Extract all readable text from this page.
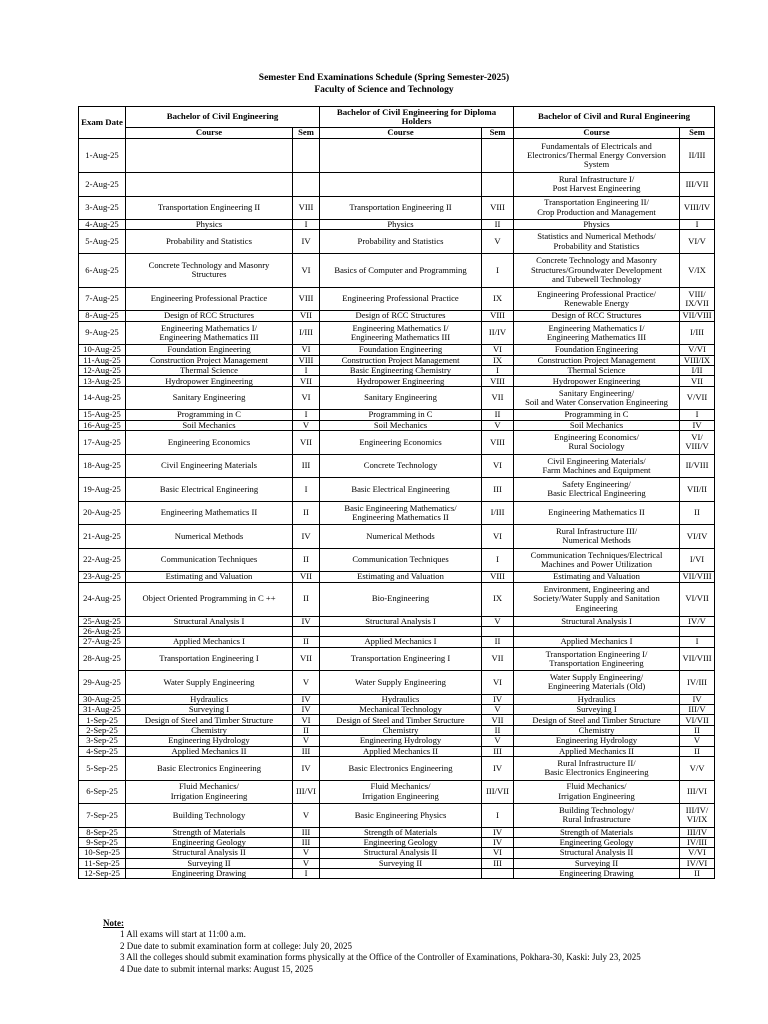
Semester End Examinations Schedule (Spring Semester-2025)
Faculty of Science and Technology
Exam Date	Bachelor of Civil Engineering		Bachelor of Civil Engineering for Diploma Holders		Bachelor of Civil and Rural Engineering	
	Course	Sem	Course	Sem	Course	Sem
1-Aug-25					Fundamentals of Electricals and
Electronics/Thermal Energy Conversion
System	II/III
2-Aug-25					Rural Infrastructure I/
Post Harvest Engineering	III/VII
3-Aug-25	Transportation Engineering II	VIII	Transportation Engineering II	VIII	Transportation Engineering II/
Crop Production and Management	VIII/IV
4-Aug-25	Physics	I	Physics	II	Physics	I
5-Aug-25	Probability and Statistics	IV	Probability and Statistics	V	Statistics and Numerical Methods/
Probability and Statistics	VI/V
6-Aug-25	Concrete Technology and Masonry
Structures	VI	Basics of Computer and Programming	I	Concrete Technology and Masonry
Structures/Groundwater Development
and Tubewell Technology	V/IX
7-Aug-25	Engineering Professional Practice	VIII	Engineering Professional Practice	IX	Engineering Professional Practice/
Renewable Energy	VIII/
IX/VII
8-Aug-25	Design of RCC Structures	VII	Design of RCC Structures	VIII	Design of RCC Structures	VII/VIII
9-Aug-25	Engineering Mathematics I/
Engineering Mathematics III	I/III	Engineering Mathematics I/
Engineering Mathematics III	II/IV	Engineering Mathematics I/
Engineering Mathematics III	I/III
10-Aug-25	Foundation Engineering	VI	Foundation Engineering	VI	Foundation Engineering	V/VI
11-Aug-25	Construction Project Management	VIII	Construction Project Management	IX	Construction Project Management	VIII/IX
12-Aug-25	Thermal Science	I	Basic Engineering Chemistry	I	Thermal Science	I/II
13-Aug-25	Hydropower Engineering	VII	Hydropower Engineering	VIII	Hydropower Engineering	VII
14-Aug-25	Sanitary Engineering	VI	Sanitary Engineering	VII	Sanitary Engineering/
Soil and Water Conservation Engineering	V/VII
15-Aug-25	Programming in C	I	Programming in C	II	Programming in C	I
16-Aug-25	Soil Mechanics	V	Soil Mechanics	V	Soil Mechanics	IV
17-Aug-25	Engineering Economics	VII	Engineering Economics	VIII	Engineering Economics/
Rural Sociology	VI/
VIII/V
18-Aug-25	Civil Engineering Materials	III	Concrete Technology	VI	Civil Engineering Materials/
Farm Machines and Equipment	II/VIII
19-Aug-25	Basic Electrical Engineering	I	Basic Electrical Engineering	III	Safety Engineering/
Basic Electrical Engineering	VII/II
20-Aug-25	Engineering Mathematics II	II	Basic Engineering Mathematics/
Engineering Mathematics II	I/III	Engineering Mathematics II	II
21-Aug-25	Numerical Methods	IV	Numerical Methods	VI	Rural Infrastructure III/
Numerical Methods	VI/IV
22-Aug-25	Communication Techniques	II	Communication Techniques	I	Communication Techniques/Electrical
Machines and Power Utilization	I/VI
23-Aug-25	Estimating and Valuation	VII	Estimating and Valuation	VIII	Estimating and Valuation	VII/VIII
24-Aug-25	Object Oriented Programming in C ++	II	Bio-Engineering	IX	Environment, Engineering and
Society/Water Supply and Sanitation
Engineering	VI/VII
25-Aug-25	Structural Analysis I	IV	Structural Analysis I	V	Structural Analysis I	IV/V
26-Aug-25						
27-Aug-25	Applied Mechanics I	II	Applied Mechanics I	II	Applied Mechanics I	I
28-Aug-25	Transportation Engineering I	VII	Transportation Engineering I	VII	Transportation Engineering I/
Transportation Engineering	VII/VIII
29-Aug-25	Water Supply Engineering	V	Water Supply Engineering	VI	Water Supply Engineering/
Engineering Materials (Old)	IV/III
30-Aug-25	Hydraulics	IV	Hydraulics	IV	Hydraulics	IV
31-Aug-25	Surveying I	IV	Mechanical Technology	V	Surveying I	III/V
1-Sep-25	Design of Steel and Timber Structure	VI	Design of Steel and Timber Structure	VII	Design of Steel and Timber Structure	VI/VII
2-Sep-25	Chemistry	II	Chemistry	II	Chemistry	II
3-Sep-25	Engineering Hydrology	V	Engineering Hydrology	V	Engineering Hydrology	V
4-Sep-25	Applied Mechanics II	III	Applied Mechanics II	III	Applied Mechanics II	II
5-Sep-25	Basic Electronics Engineering	IV	Basic Electronics Engineering	IV	Rural Infrastructure II/
Basic Electronics Engineering	V/V
6-Sep-25	Fluid Mechanics/
Irrigation Engineering	III/VI	Fluid Mechanics/
Irrigation Engineering	III/VII	Fluid Mechanics/
Irrigation Engineering	III/VI
7-Sep-25	Building Technology	V	Basic Engineering Physics	I	Building Technology/
Rural Infrastructure	III/IV/
VI/IX
8-Sep-25	Strength of Materials	III	Strength of Materials	IV	Strength of Materials	III/IV
9-Sep-25	Engineering Geology	III	Engineering Geology	IV	Engineering Geology	IV/III
10-Sep-25	Structural Analysis II	V	Structural Analysis II	VI	Structural Analysis II	V/VI
11-Sep-25	Surveying II	V	Surveying II	III	Surveying II	IV/VI
12-Sep-25	Engineering Drawing	I			Engineering Drawing	II
Note:
1 All exams will start at 11:00 a.m.
2 Due date to submit examination form at college: July 20, 2025
3 All the colleges should submit examination forms physically at the Office of the Controller of Examinations, Pokhara-30, Kaski: July 23, 2025
4 Due date to submit internal marks: August 15, 2025
